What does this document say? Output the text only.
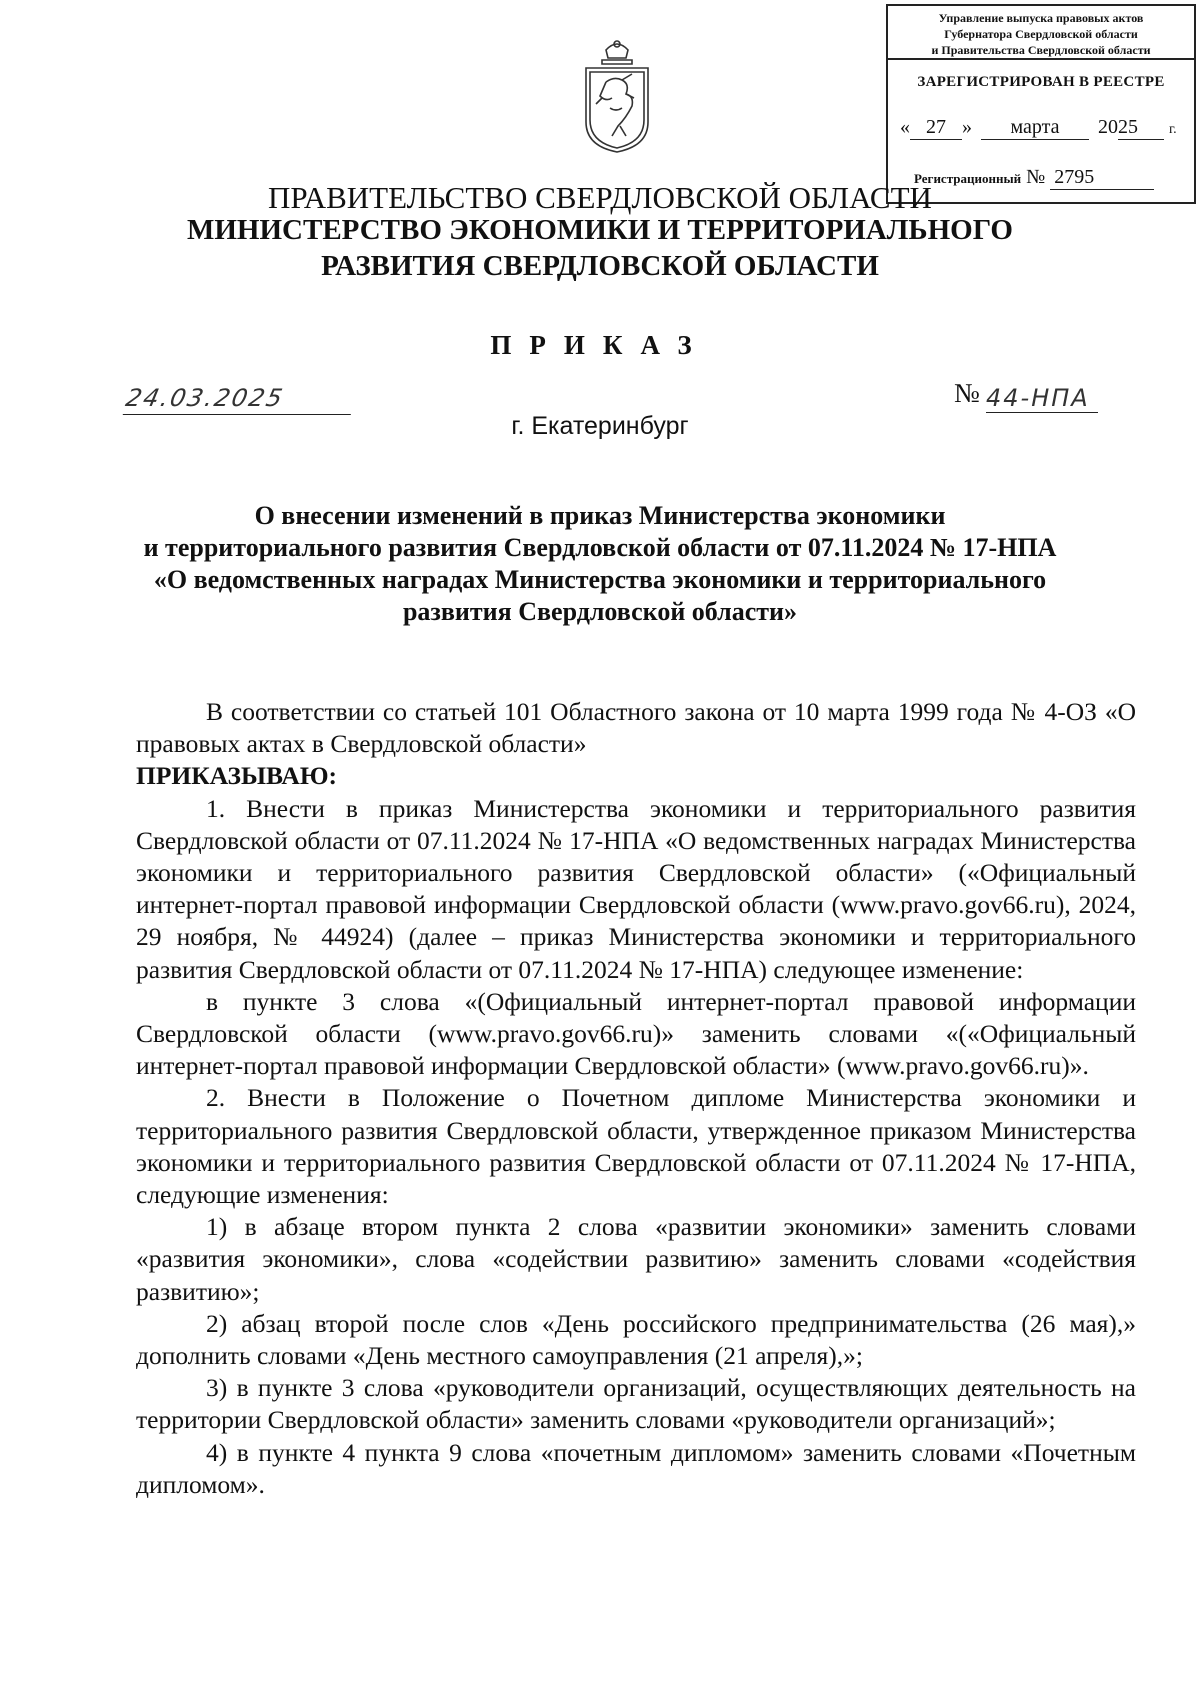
Управление выпуска правовых актов
Губернатора Свердловской области
и Правительства Свердловской области
ЗАРЕГИСТРИРОВАН В РЕЕСТРЕ
« 27 » марта 2025 г.
Регистрационный № 2795
ПРАВИТЕЛЬСТВО СВЕРДЛОВСКОЙ ОБЛАСТИ
МИНИСТЕРСТВО ЭКОНОМИКИ И ТЕРРИТОРИАЛЬНОГО
РАЗВИТИЯ СВЕРДЛОВСКОЙ ОБЛАСТИ
ПРИКАЗ
24.03.2025	№ 44-НПА
г. Екатеринбург
О внесении изменений в приказ Министерства экономики
и территориального развития Свердловской области от 07.11.2024 № 17-НПА
«О ведомственных наградах Министерства экономики и территориального
развития Свердловской области»

В соответствии со статьей 101 Областного закона от 10 марта 1999 года № 4-ОЗ «О правовых актах в Свердловской области»

ПРИКАЗЫВАЮ:

1. Внести в приказ Министерства экономики и территориального развития Свердловской области от 07.11.2024 № 17-НПА «О ведомственных наградах Министерства экономики и территориального развития Свердловской области» («Официальный интернет-портал правовой информации Свердловской области (www.pravo.gov66.ru), 2024, 29 ноября, № 44924) (далее – приказ Министерства экономики и территориального развития Свердловской области от 07.11.2024 № 17-НПА) следующее изменение:

в пункте 3 слова «(Официальный интернет-портал правовой информации Свердловской области (www.pravo.gov66.ru)» заменить словами «(«Официальный интернет-портал правовой информации Свердловской области» (www.pravo.gov66.ru)».

2. Внести в Положение о Почетном дипломе Министерства экономики и территориального развития Свердловской области, утвержденное приказом Министерства экономики и территориального развития Свердловской области от 07.11.2024 № 17-НПА, следующие изменения:

1) в абзаце втором пункта 2 слова «развитии экономики» заменить словами «развития экономики», слова «содействии развитию» заменить словами «содействия развитию»;

2) абзац второй после слов «День российского предпринимательства (26 мая),» дополнить словами «День местного самоуправления (21 апреля),»;

3) в пункте 3 слова «руководители организаций, осуществляющих деятельность на территории Свердловской области» заменить словами «руководители организаций»;

4) в пункте 4 пункта 9 слова «почетным дипломом» заменить словами «Почетным дипломом».
